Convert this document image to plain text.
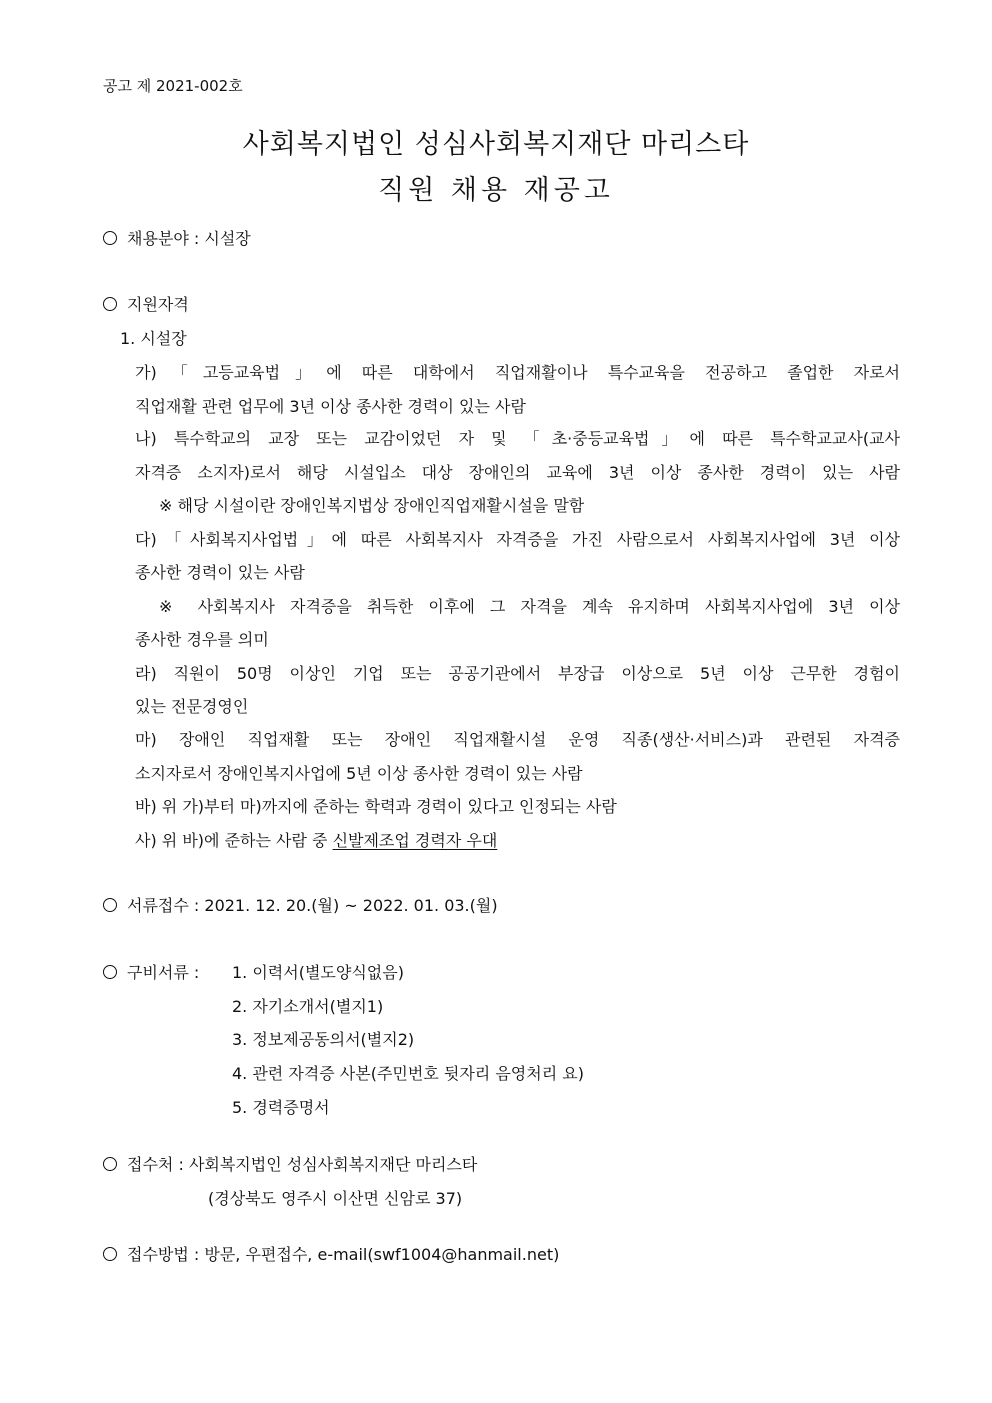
공고 제 2021-002호
사회복지법인 성심사회복지재단 마리스타
직원 채용 재공고
채용분야 : 시설장
지원자격
1. 시설장
가)「고등교육법」에 따른 대학에서 직업재활이나 특수교육을 전공하고 졸업한 자로서
직업재활 관련 업무에 3년 이상 종사한 경력이 있는 사람
나) 특수학교의 교장 또는 교감이었던 자 및 「초·중등교육법」에 따른 특수학교교사(교사
자격증 소지자)로서 해당 시설입소 대상 장애인의 교육에 3년 이상 종사한 경력이 있는 사람
※ 해당 시설이란 장애인복지법상 장애인직업재활시설을 말함
다)「사회복지사업법」에 따른 사회복지사 자격증을 가진 사람으로서 사회복지사업에 3년 이상
종사한 경력이 있는 사람
※ 사회복지사 자격증을 취득한 이후에 그 자격을 계속 유지하며 사회복지사업에 3년 이상
종사한 경우를 의미
라) 직원이 50명 이상인 기업 또는 공공기관에서 부장급 이상으로 5년 이상 근무한 경험이
있는 전문경영인
마) 장애인 직업재활 또는 장애인 직업재활시설 운영 직종(생산·서비스)과 관련된 자격증
소지자로서 장애인복지사업에 5년 이상 종사한 경력이 있는 사람
바) 위 가)부터 마)까지에 준하는 학력과 경력이 있다고 인정되는 사람
사) 위 바)에 준하는 사람 중 신발제조업 경력자 우대
서류접수 : 2021. 12. 20.(월) ~ 2022. 01. 03.(월)
구비서류 : 1. 이력서(별도양식없음)
2. 자기소개서(별지1)
3. 정보제공동의서(별지2)
4. 관련 자격증 사본(주민번호 뒷자리 음영처리 요)
5. 경력증명서
접수처 : 사회복지법인 성심사회복지재단 마리스타
(경상북도 영주시 이산면 신암로 37)
접수방법 : 방문, 우편접수, e-mail(swf1004@hanmail.net)
